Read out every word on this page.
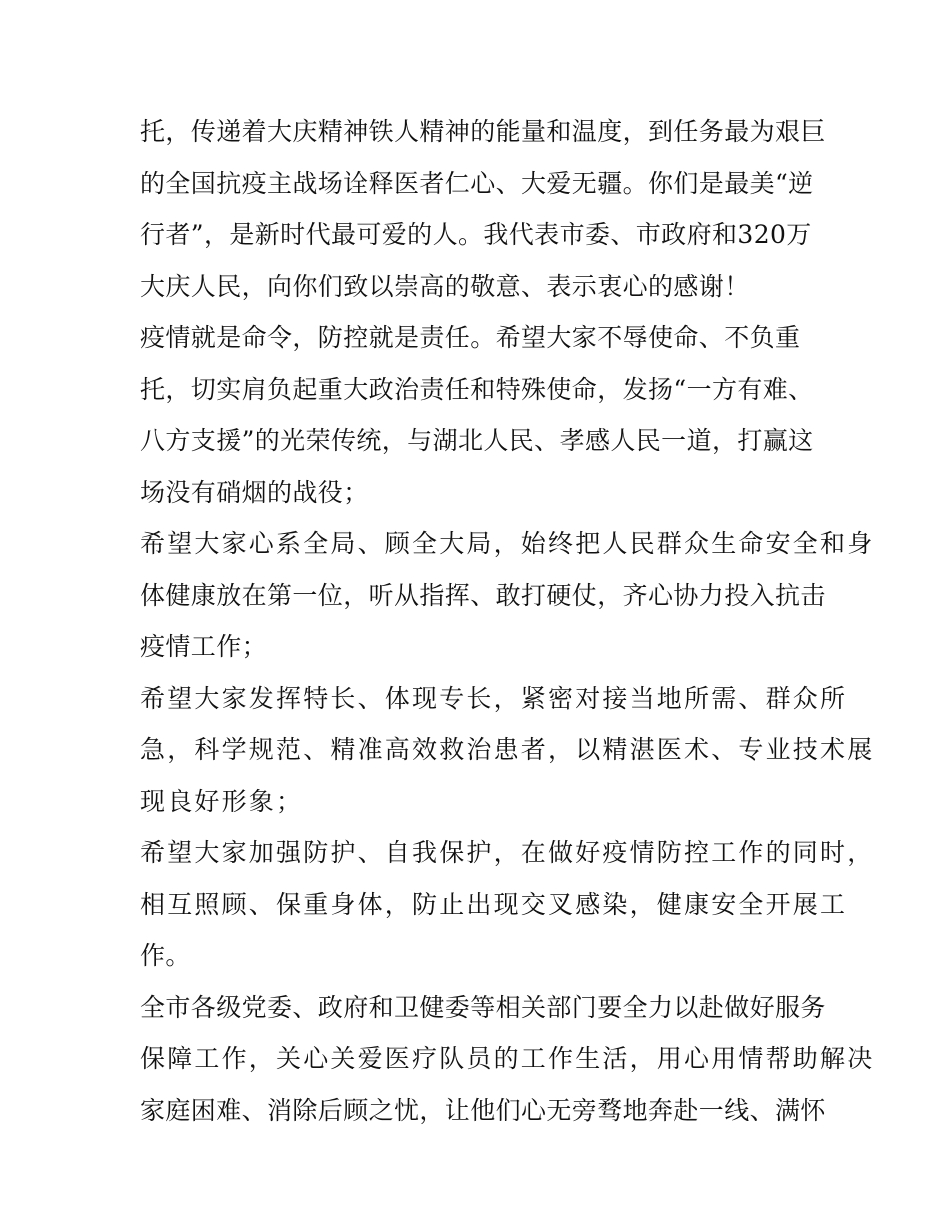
托，传递着大庆精神铁人精神的能量和温度，到任务最为艰巨
的全国抗疫主战场诠释医者仁心、大爱无疆。你们是最美“逆
行者”，是新时代最可爱的人。我代表市委、市政府和320万
大庆人民，向你们致以崇高的敬意、表示衷心的感谢！
疫情就是命令，防控就是责任。希望大家不辱使命、不负重
托，切实肩负起重大政治责任和特殊使命，发扬“一方有难、
八方支援”的光荣传统，与湖北人民、孝感人民一道，打赢这
场没有硝烟的战役；
希望大家心系全局、顾全大局，始终把人民群众生命安全和身
体健康放在第一位，听从指挥、敢打硬仗，齐心协力投入抗击
疫情工作；
希望大家发挥特长、体现专长，紧密对接当地所需、群众所
急，科学规范、精准高效救治患者，以精湛医术、专业技术展
现良好形象；
希望大家加强防护、自我保护，在做好疫情防控工作的同时，
相互照顾、保重身体，防止出现交叉感染，健康安全开展工
作。
全市各级党委、政府和卫健委等相关部门要全力以赴做好服务
保障工作，关心关爱医疗队员的工作生活，用心用情帮助解决
家庭困难、消除后顾之忧，让他们心无旁骛地奔赴一线、满怀
